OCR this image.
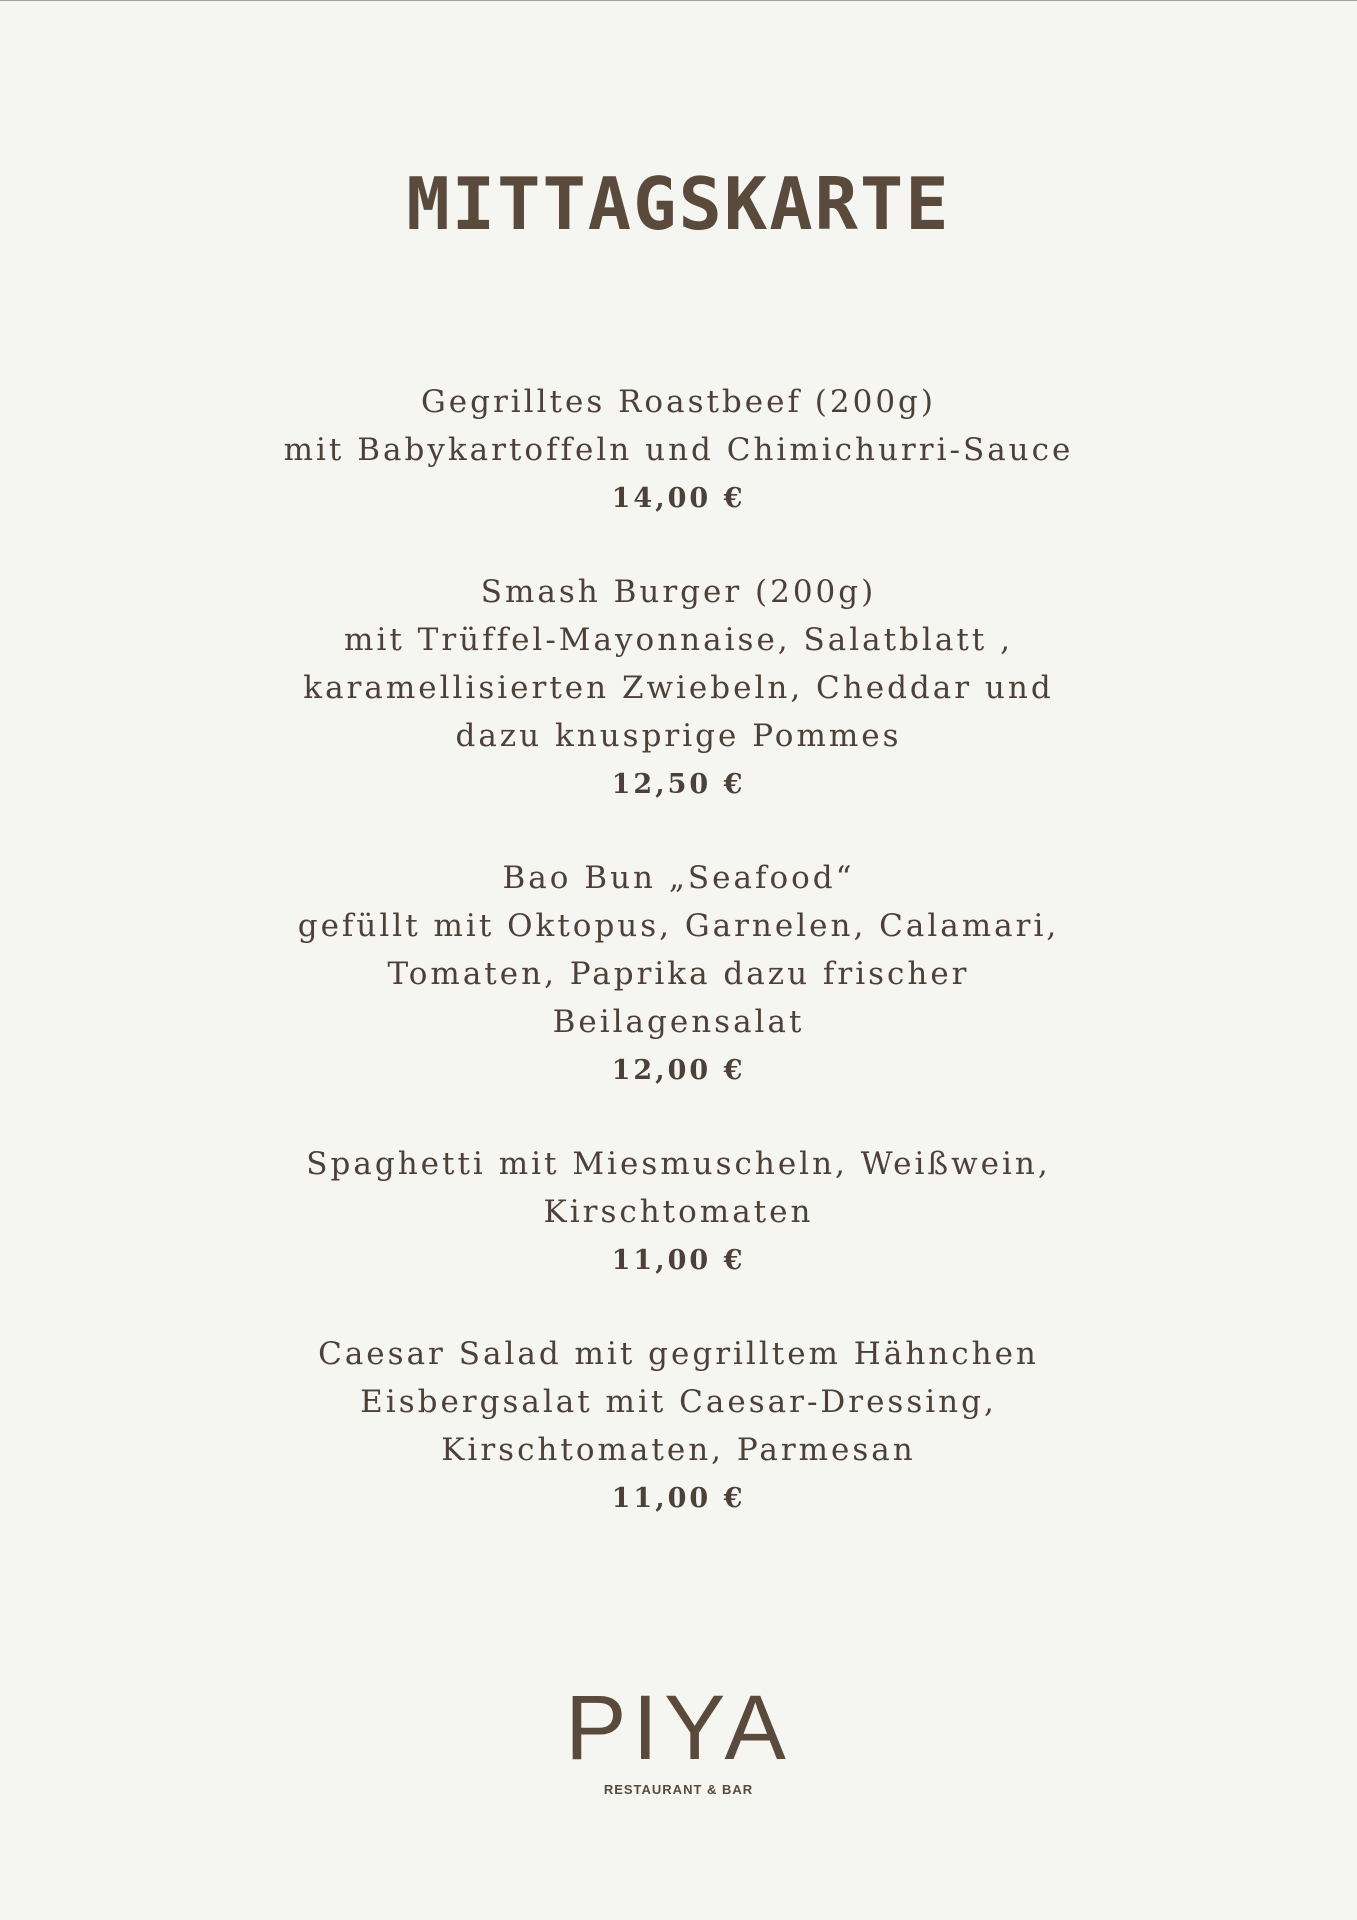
MITTAGSKARTE
Gegrilltes Roastbeef (200g)
mit Babykartoffeln und Chimichurri-Sauce
14,00 €
Smash Burger (200g)
mit Trüffel-Mayonnaise, Salatblatt ,
karamellisierten Zwiebeln, Cheddar und
dazu knusprige Pommes
12,50 €
Bao Bun „Seafood“
gefüllt mit Oktopus, Garnelen, Calamari,
Tomaten, Paprika dazu frischer
Beilagensalat
12,00 €
Spaghetti mit Miesmuscheln, Weißwein,
Kirschtomaten
11,00 €
Caesar Salad mit gegrilltem Hähnchen
Eisbergsalat mit Caesar-Dressing,
Kirschtomaten, Parmesan
11,00 €
PIYA
RESTAURANT & BAR
